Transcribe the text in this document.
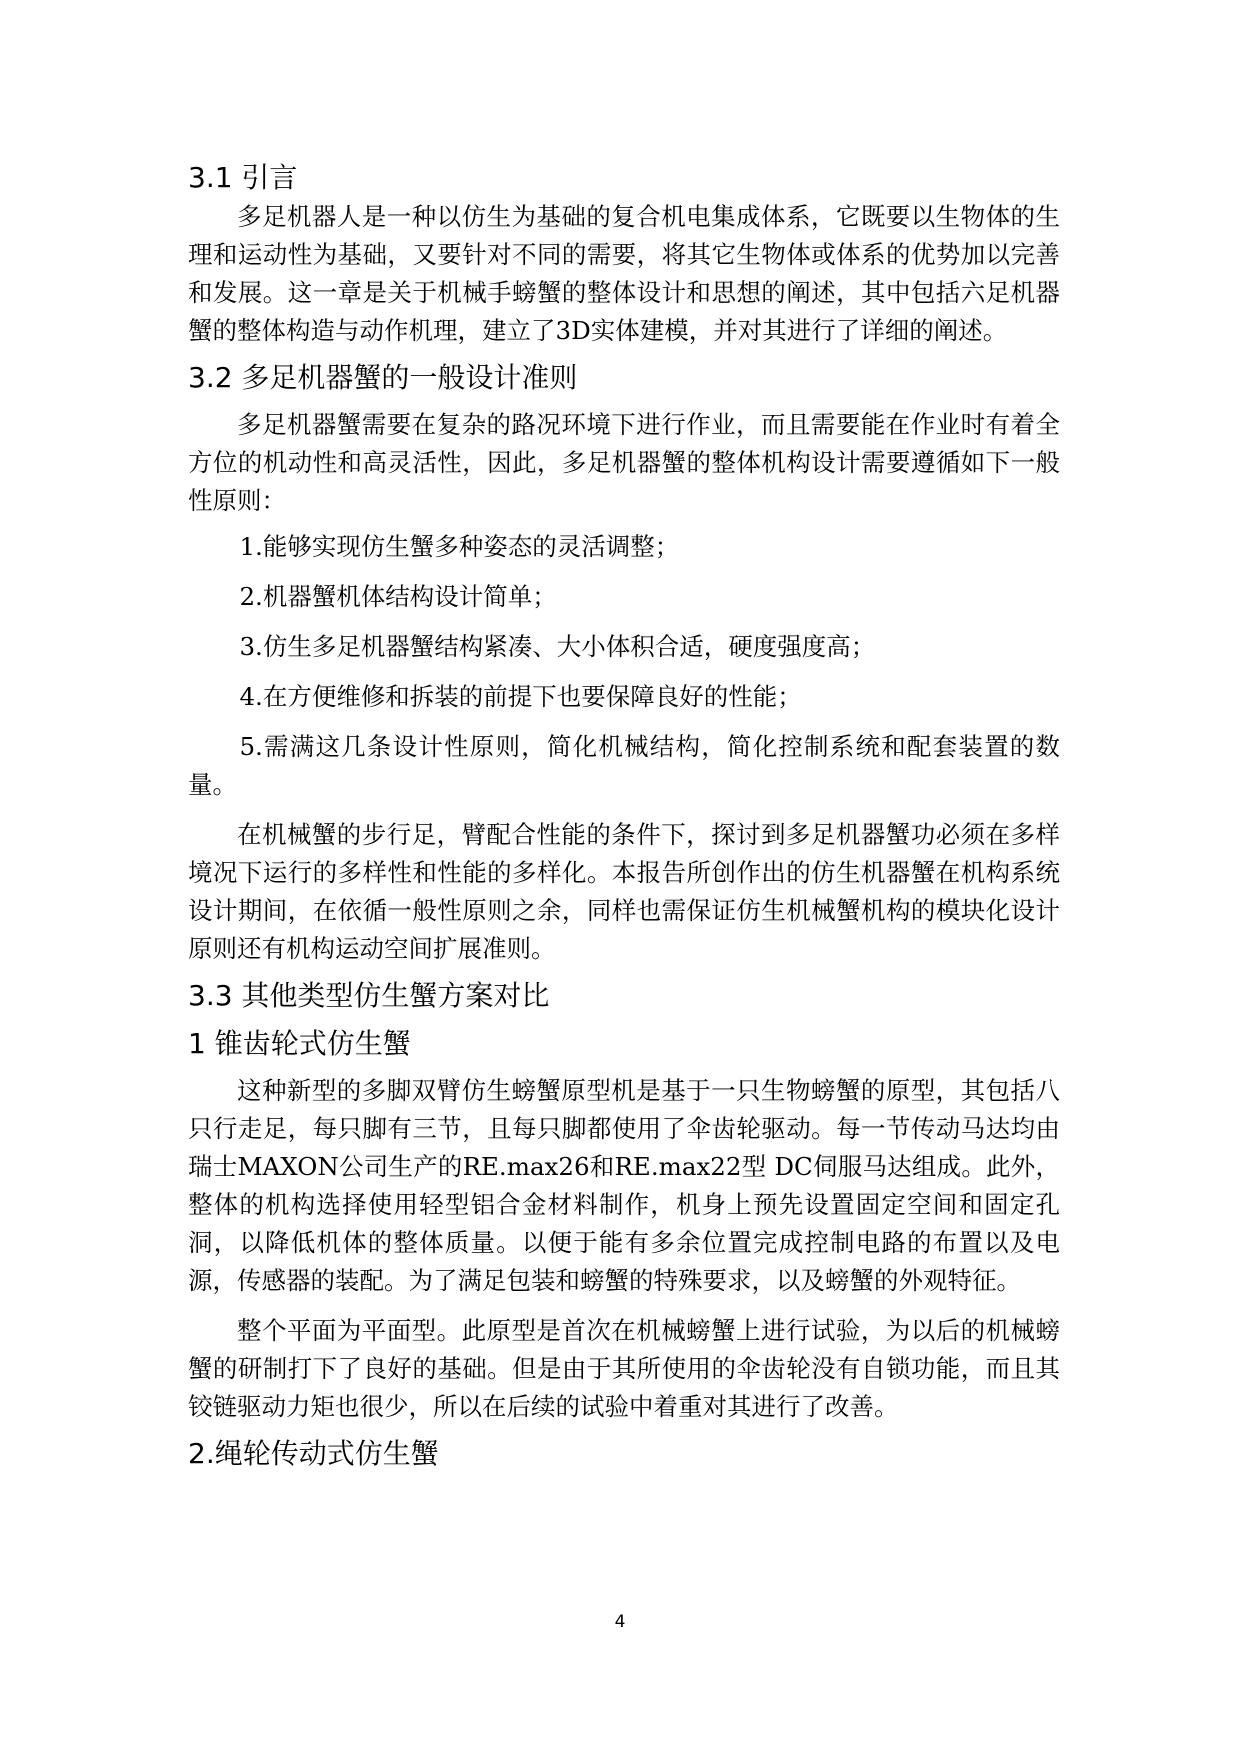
3.1 引言

多足机器人是一种以仿生为基础的复合机电集成体系，它既要以生物体的生理和运动性为基础，又要针对不同的需要，将其它生物体或体系的优势加以完善和发展。这一章是关于机械手螃蟹的整体设计和思想的阐述，其中包括六足机器蟹的整体构造与动作机理，建立了3D实体建模，并对其进行了详细的阐述。

3.2 多足机器蟹的一般设计准则

多足机器蟹需要在复杂的路况环境下进行作业，而且需要能在作业时有着全方位的机动性和高灵活性，因此，多足机器蟹的整体机构设计需要遵循如下一般性原则：

1.能够实现仿生蟹多种姿态的灵活调整；

2.机器蟹机体结构设计简单；

3.仿生多足机器蟹结构紧凑、大小体积合适，硬度强度高；

4.在方便维修和拆装的前提下也要保障良好的性能；

5.需满这几条设计性原则，简化机械结构，简化控制系统和配套装置的数量。

在机械蟹的步行足，臂配合性能的条件下，探讨到多足机器蟹功必须在多样境况下运行的多样性和性能的多样化。本报告所创作出的仿生机器蟹在机构系统设计期间，在依循一般性原则之余，同样也需保证仿生机械蟹机构的模块化设计原则还有机构运动空间扩展准则。

3.3 其他类型仿生蟹方案对比
1 锥齿轮式仿生蟹

这种新型的多脚双臂仿生螃蟹原型机是基于一只生物螃蟹的原型，其包括八只行走足，每只脚有三节，且每只脚都使用了伞齿轮驱动。每一节传动马达均由瑞士MAXON公司生产的RE.max26和RE.max22型 DC伺服马达组成。此外，整体的机构选择使用轻型铝合金材料制作，机身上预先设置固定空间和固定孔洞，以降低机体的整体质量。以便于能有多余位置完成控制电路的布置以及电源，传感器的装配。为了满足包装和螃蟹的特殊要求，以及螃蟹的外观特征。

整个平面为平面型。此原型是首次在机械螃蟹上进行试验，为以后的机械螃蟹的研制打下了良好的基础。但是由于其所使用的伞齿轮没有自锁功能，而且其铰链驱动力矩也很少，所以在后续的试验中着重对其进行了改善。

2.绳轮传动式仿生蟹
4
